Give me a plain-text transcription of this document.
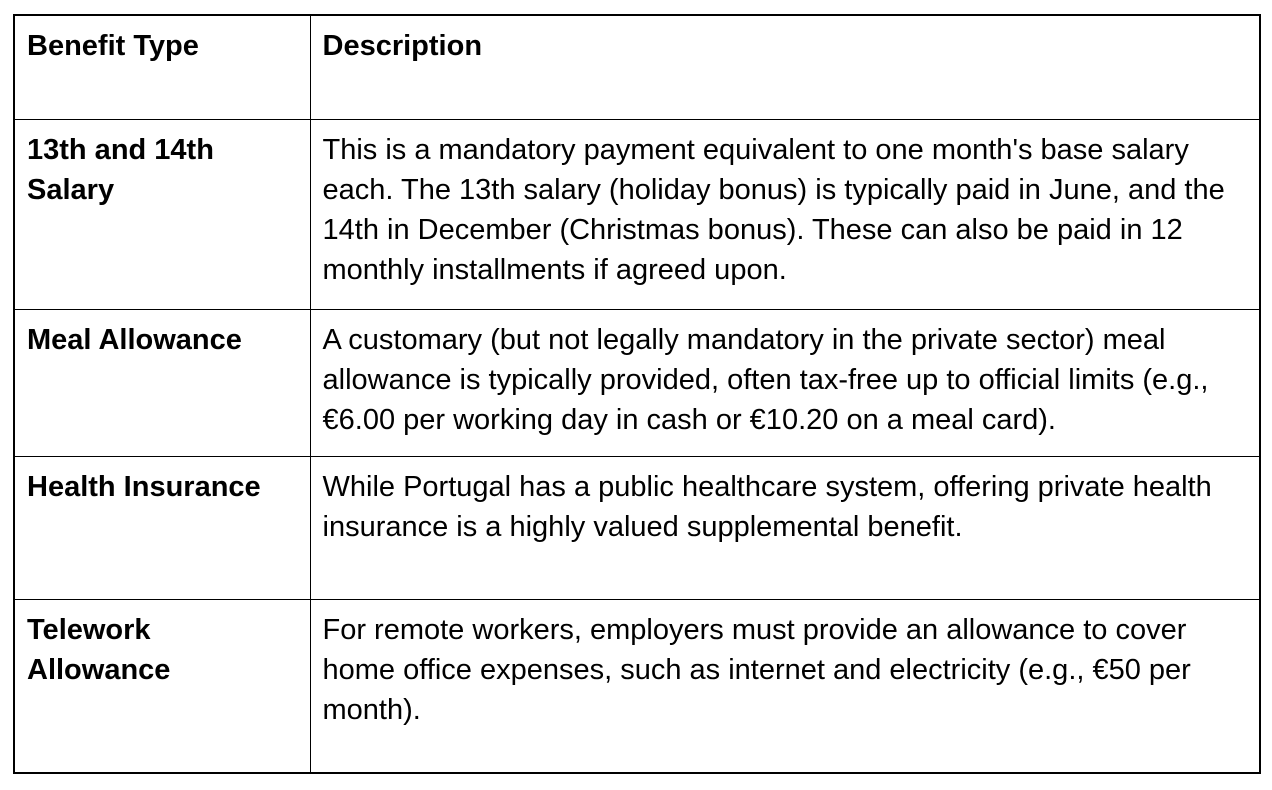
Benefit Type	Description
13th and 14th Salary	This is a mandatory payment equivalent to one month's base salary each. The 13th salary (holiday bonus) is typically paid in June, and the 14th in December (Christmas bonus). These can also be paid in 12 monthly installments if agreed upon.
Meal Allowance	A customary (but not legally mandatory in the private sector) meal allowance is typically provided, often tax-free up to official limits (e.g., €6.00 per working day in cash or €10.20 on a meal card).
Health Insurance	While Portugal has a public healthcare system, offering private health insurance is a highly valued supplemental benefit.
Telework Allowance	For remote workers, employers must provide an allowance to cover home office expenses, such as internet and electricity (e.g., €50 per month).
